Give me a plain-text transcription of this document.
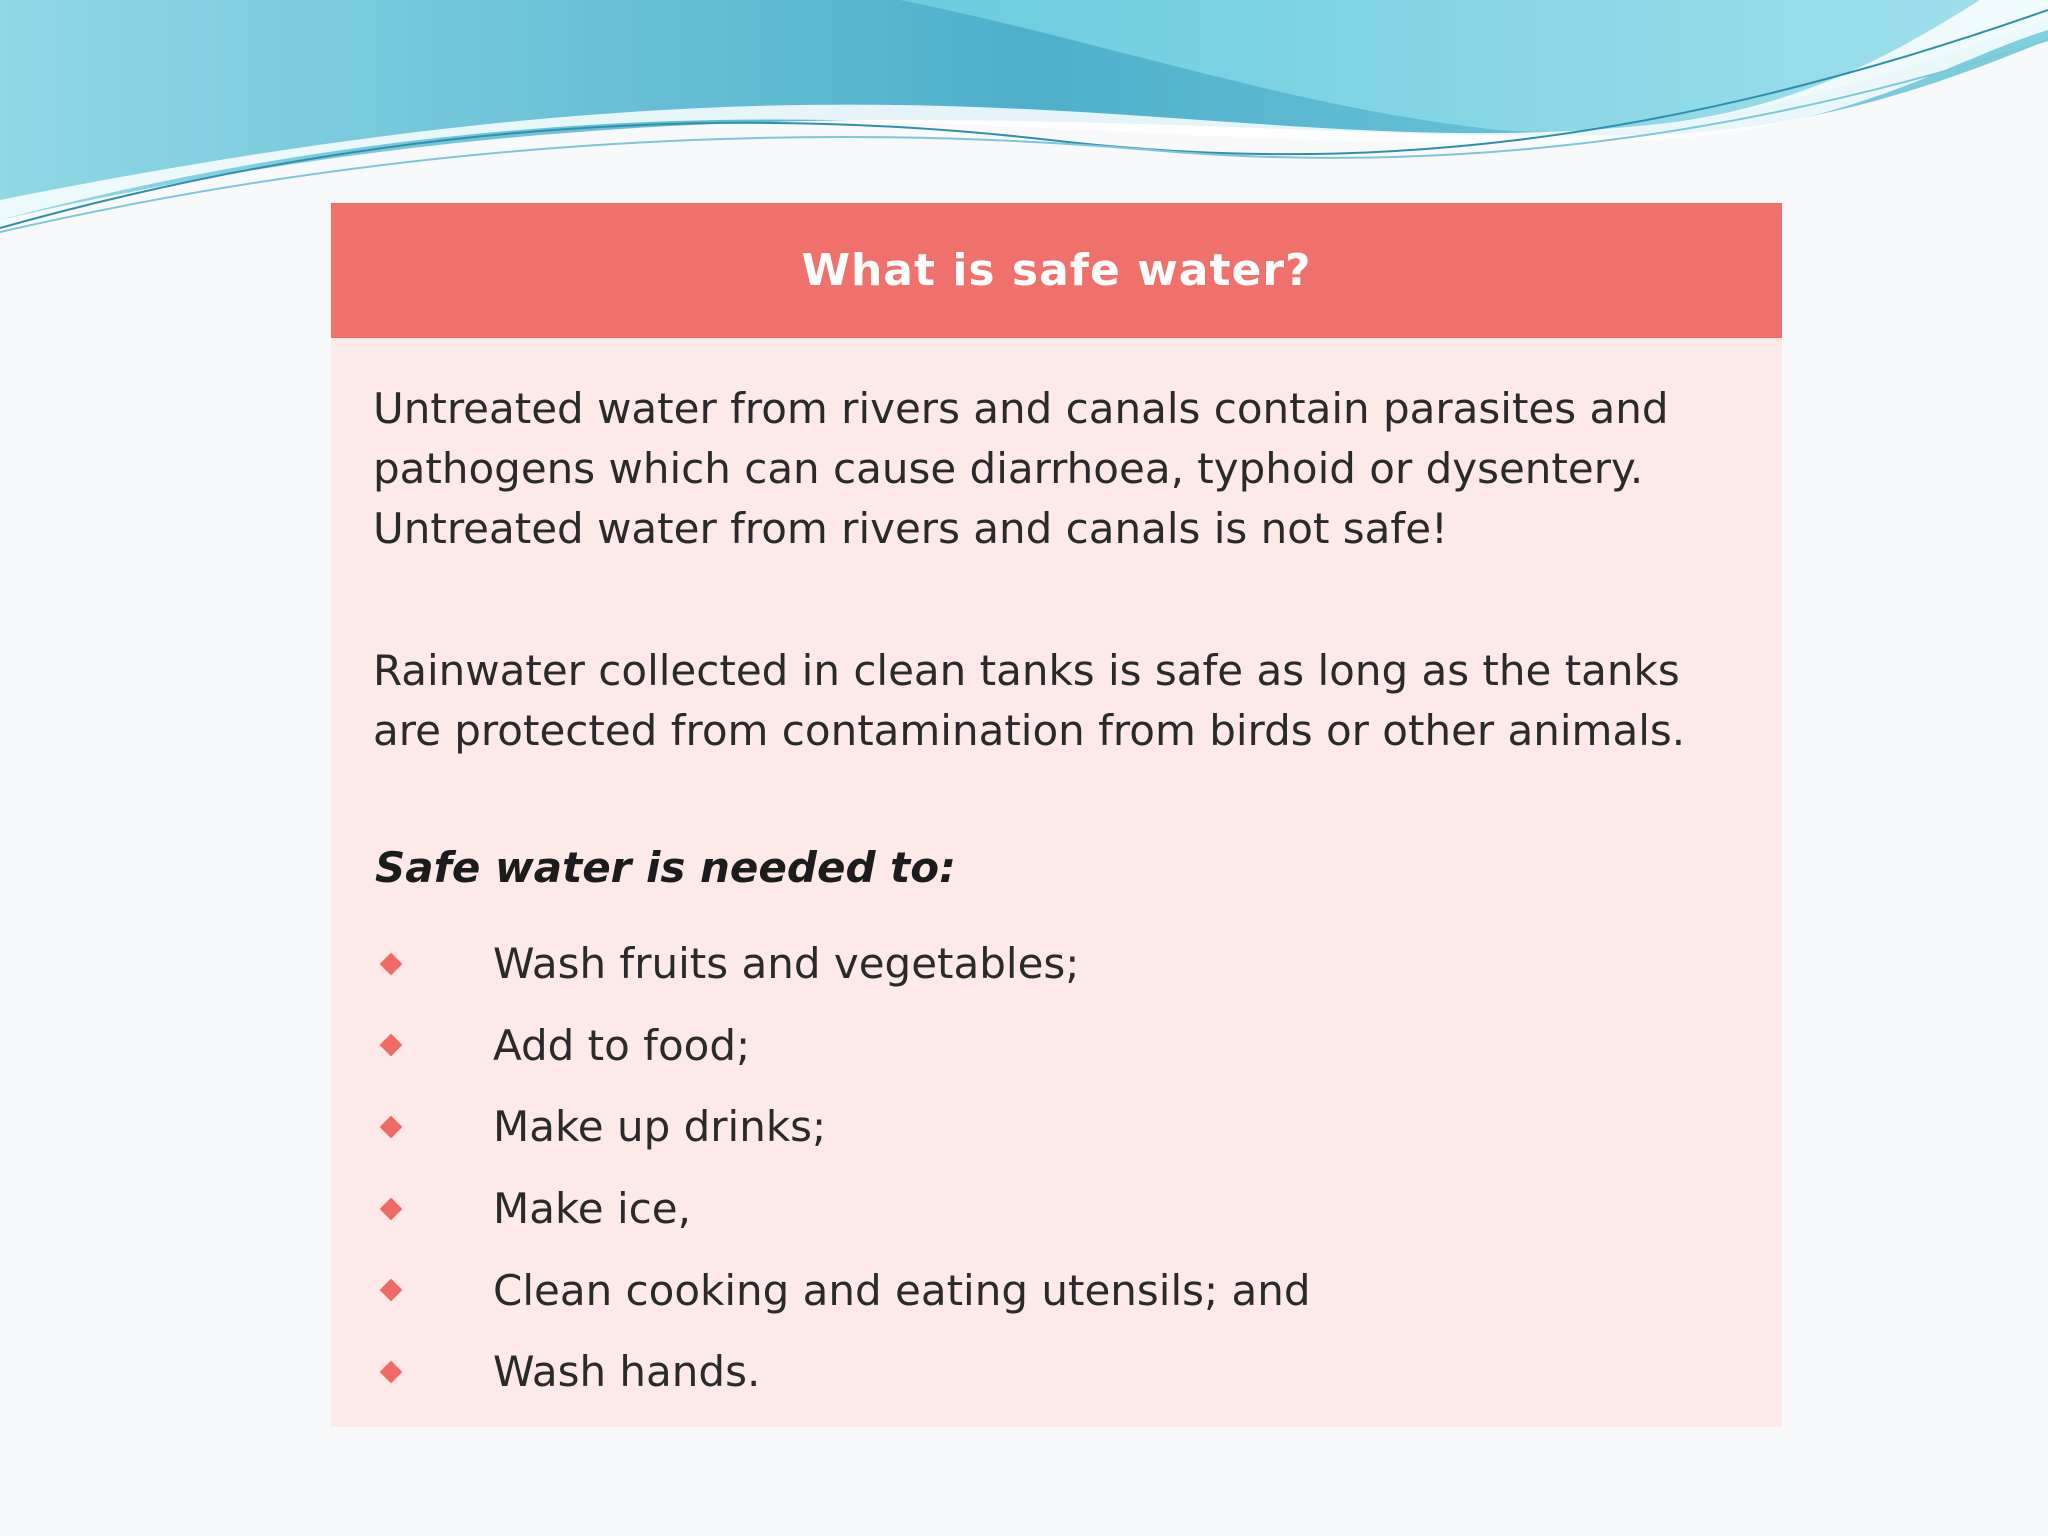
What is safe water?

Untreated water from rivers and canals contain parasites and pathogens which can cause diarrhoea, typhoid or dysentery. Untreated water from rivers and canals is not safe!

Rainwater collected in clean tanks is safe as long as the tanks are protected from contamination from birds or other animals.

Safe water is needed to:

Wash fruits and vegetables;
Add to food;
Make up drinks;
Make ice,
Clean cooking and eating utensils; and
Wash hands.
